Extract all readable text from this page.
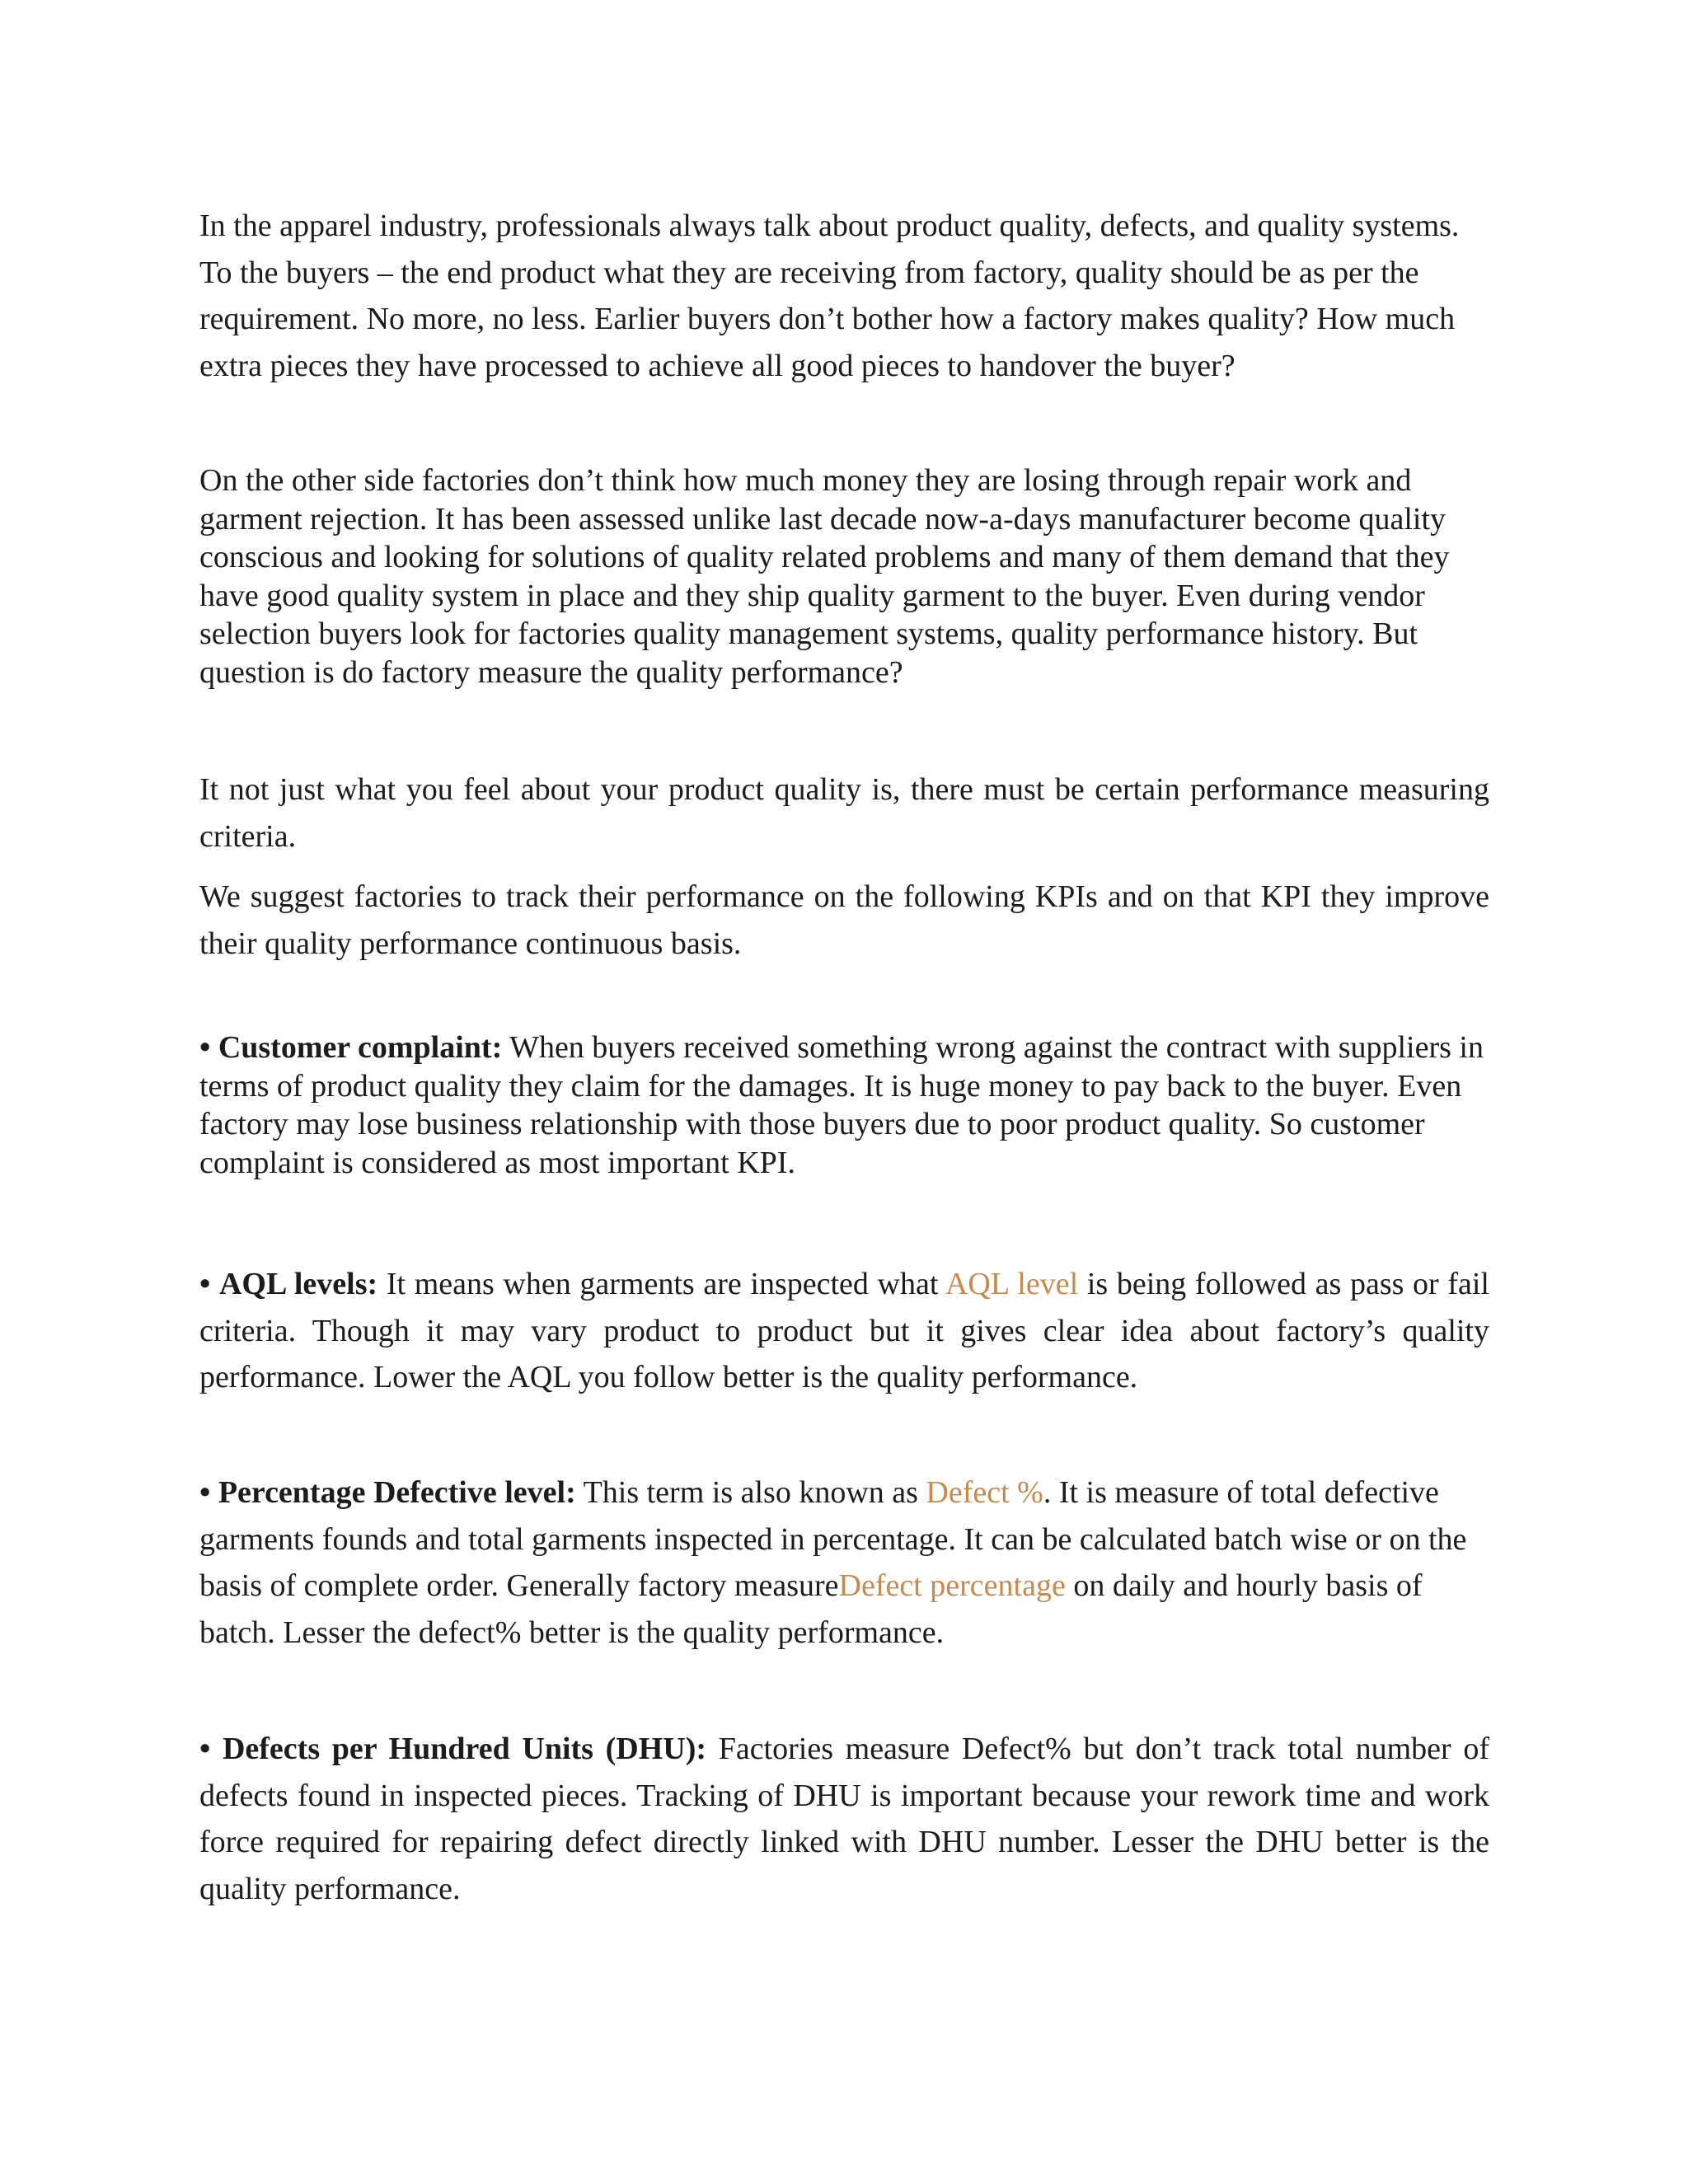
In the apparel industry, professionals always talk about product quality, defects, and quality systems. To the buyers – the end product what they are receiving from factory, quality should be as per the requirement. No more, no less. Earlier buyers don’t bother how a factory makes quality? How much extra pieces they have processed to achieve all good pieces to handover the buyer?

On the other side factories don’t think how much money they are losing through repair work and garment rejection. It has been assessed unlike last decade now-a-days manufacturer become quality conscious and looking for solutions of quality related problems and many of them demand that they have good quality system in place and they ship quality garment to the buyer. Even during vendor selection buyers look for factories quality management systems, quality performance history. But question is do factory measure the quality performance?

It not just what you feel about your product quality is, there must be certain performance measuring criteria.

We suggest factories to track their performance on the following KPIs and on that KPI they improve their quality performance continuous basis.

• Customer complaint: When buyers received something wrong against the contract with suppliers in terms of product quality they claim for the damages. It is huge money to pay back to the buyer. Even factory may lose business relationship with those buyers due to poor product quality. So customer complaint is considered as most important KPI.

• AQL levels: It means when garments are inspected what AQL level is being followed as pass or fail criteria. Though it may vary product to product but it gives clear idea about factory’s quality performance. Lower the AQL you follow better is the quality performance.

• Percentage Defective level: This term is also known as Defect %. It is measure of total defective garments founds and total garments inspected in percentage. It can be calculated batch wise or on the basis of complete order. Generally factory measureDefect percentage on daily and hourly basis of batch. Lesser the defect% better is the quality performance.

• Defects per Hundred Units (DHU): Factories measure Defect% but don’t track total number of defects found in inspected pieces. Tracking of DHU is important because your rework time and work force required for repairing defect directly linked with DHU number. Lesser the DHU better is the quality performance.
